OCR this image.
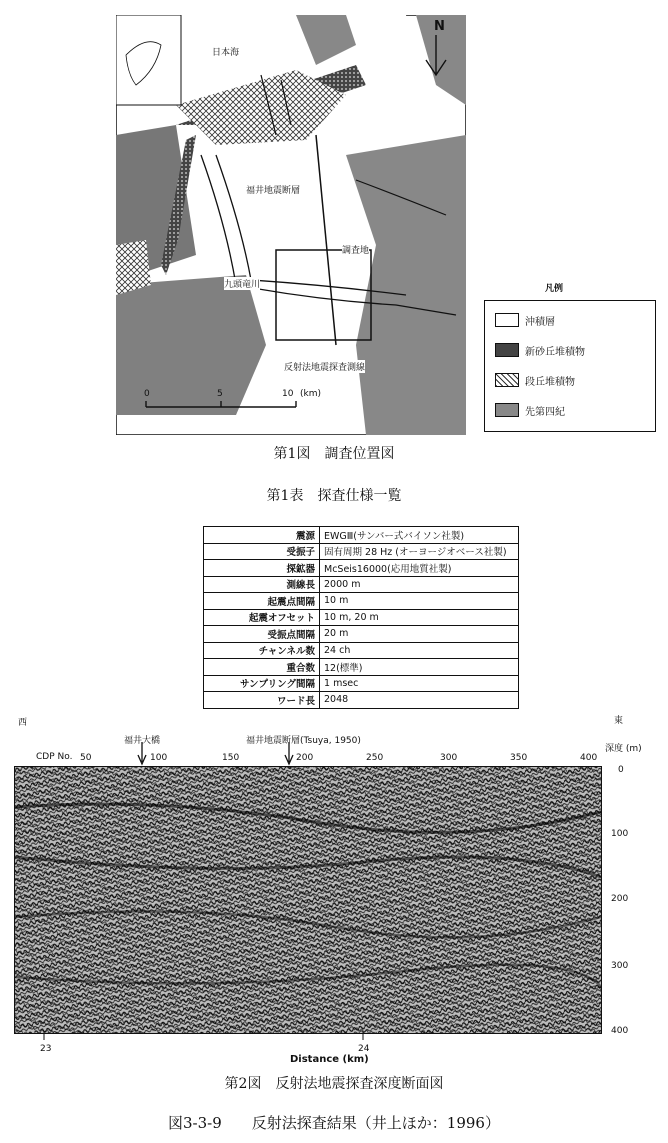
日本海
N
福井地震断層
調査地
九頭竜川
反射法地震探査測線
0	5	10 (km)
凡例
沖積層
新砂丘堆積物
段丘堆積物
先第四紀
第1図　調査位置図
第1表　探査仕様一覧
震源	EWGⅢ(サンバー式バイソン社製)
受振子	固有周期 28 Hz (オーヨージオベース社製)
探鉱器	McSeis16000(応用地質社製)
測線長	2000 m
起震点間隔	10 m
起震オフセット	10 m, 20 m
受振点間隔	20 m
チャンネル数	24 ch
重合数	12(標準)
サンプリング間隔	1 msec
ワード長	2048
西	東
福井大橋	福井地震断層(Tsuya, 1950)
深度 (m)
CDP No. 50	100	150	200	250	300	350	400
0
100
200
300
400
23	24
Distance (km)
第2図　反射法地震探査深度断面図
図3-3-9　　反射法探査結果（井上ほか：1996）
